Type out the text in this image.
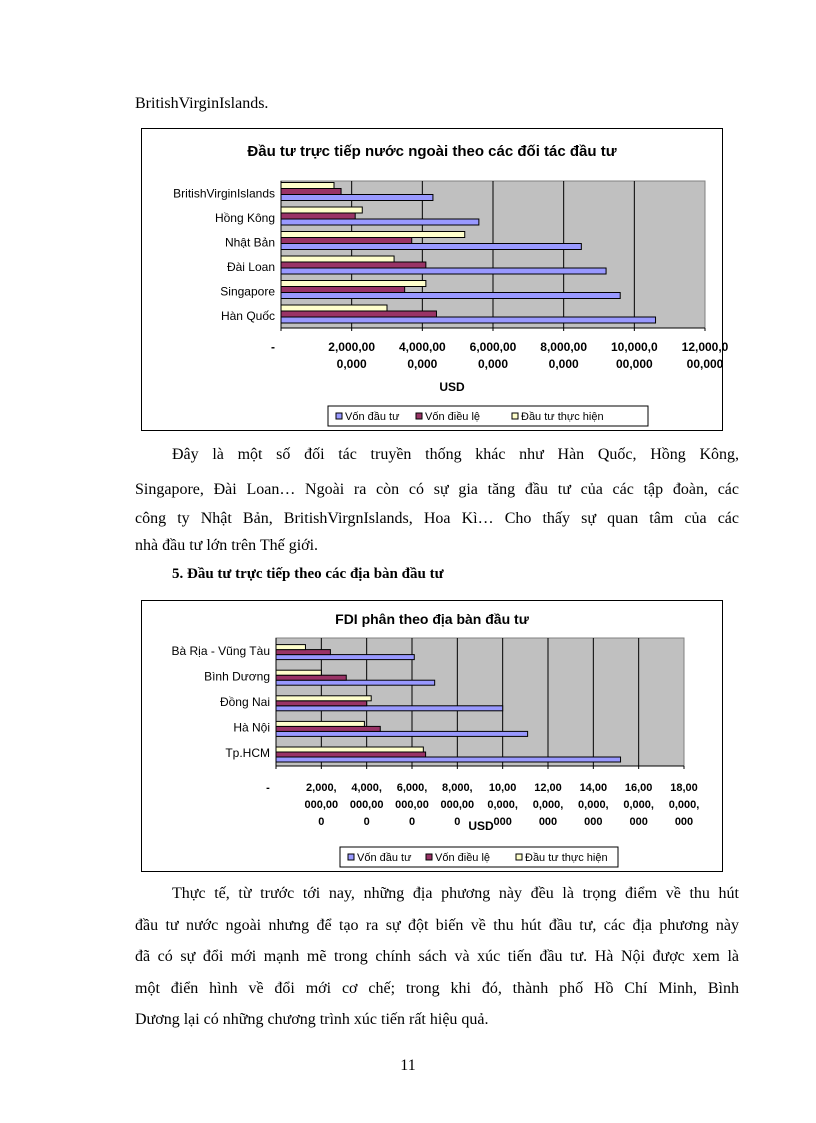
BritishVirginIslands.
Đầu tư trực tiếp nước ngoài theo các đối tác đầu tư
-	2,000,00 0,000
4,000,00 0,000
6,000,00 0,000
8,000,00 0,000
10,000,0 00,000
12,000,0 00,000
Hàn Quốc
Singapore
Đài Loan
Nhật Bản
Hồng Kông
BritishVirginIslands
USD
Vốn đầu tư Vốn điều lệ	Đầu tư thực hiện

Đây là một số đối tác truyền thống khác như Hàn Quốc, Hồng Kông,

Singapore, Đài Loan… Ngoài ra còn có sự gia tăng đầu tư của các tập đoàn, các

công ty Nhật Bản, BritishVirgnIslands, Hoa Kì… Cho thấy sự quan tâm của các

nhà đầu tư lớn trên Thế giới.

5. Đầu tư trực tiếp theo các địa bàn đầu tư
FDI phân theo địa bàn đầu tư
-	2,000, 000,00 0
4,000, 000,00 0
6,000, 000,00 0
8,000, 000,00 0
10,00 0,000, 000
12,00 0,000, 000
14,00 0,000, 000
16,00 0,000, 000
18,00 0,000, 000
Tp.HCM
Hà Nội
Đồng Nai
Bình Dương
Bà Rịa - Vũng Tàu
USD
Vốn đầu tư Vốn điều lệ	Đầu tư thực hiện

Thực tế, từ trước tới nay, những địa phương này đều là trọng điểm về thu hút

đầu tư nước ngoài nhưng để tạo ra sự đột biến về thu hút đầu tư, các địa phương này

đã có sự đổi mới mạnh mẽ trong chính sách và xúc tiến đầu tư. Hà Nội được xem là

một điển hình về đổi mới cơ chế; trong khi đó, thành phố Hồ Chí Minh, Bình

Dương lại có những chương trình xúc tiến rất hiệu quả.

11
